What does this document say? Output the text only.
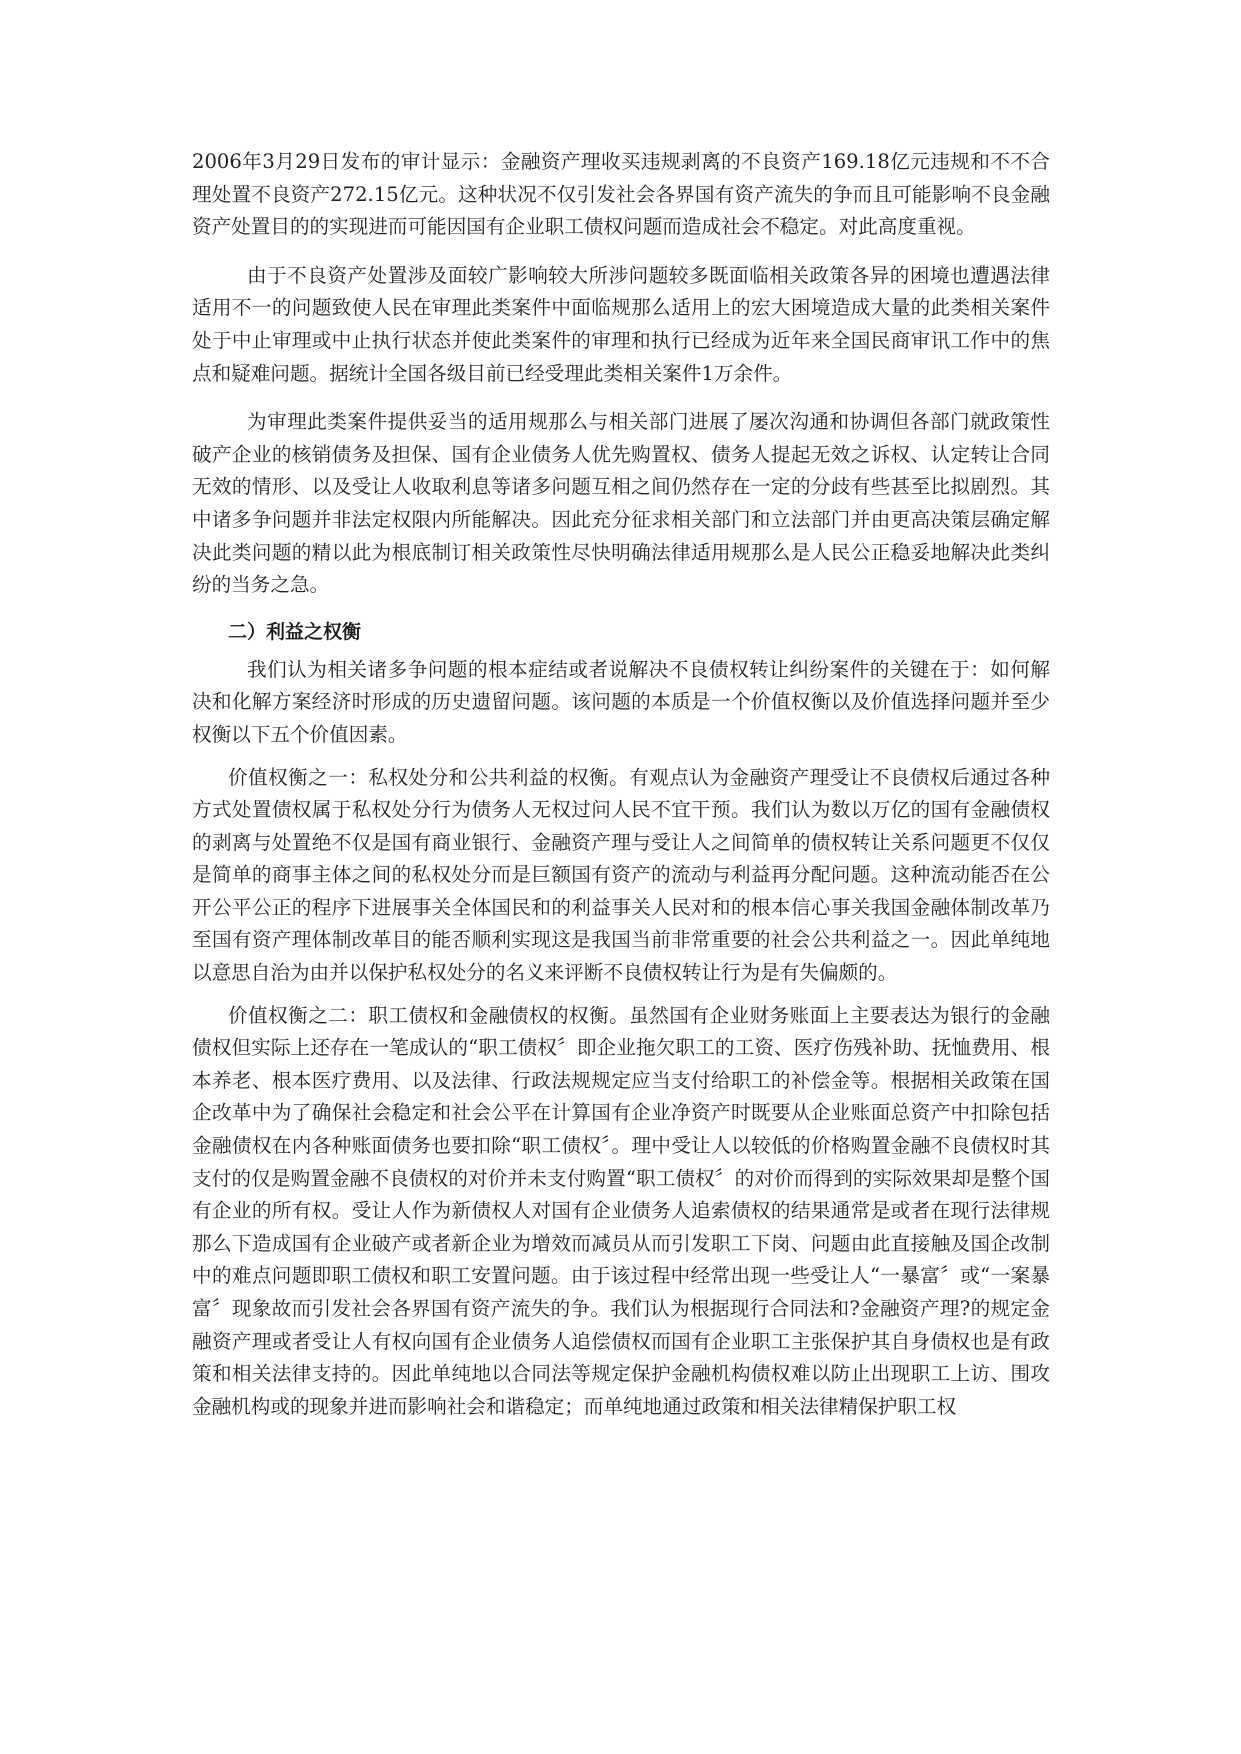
2006年3月29日发布的审计显示：金融资产理收买违规剥离的不良资产169.18亿元违规和不不合理处置不良资产272.15亿元。这种状况不仅引发社会各界国有资产流失的争而且可能影响不良金融资产处置目的的实现进而可能因国有企业职工债权问题而造成社会不稳定。对此高度重视。

由于不良资产处置涉及面较广影响较大所涉问题较多既面临相关政策各异的困境也遭遇法律适用不一的问题致使人民在审理此类案件中面临规那么适用上的宏大困境造成大量的此类相关案件处于中止审理或中止执行状态并使此类案件的审理和执行已经成为近年来全国民商审讯工作中的焦点和疑难问题。据统计全国各级目前已经受理此类相关案件1万余件。

为审理此类案件提供妥当的适用规那么与相关部门进展了屡次沟通和协调但各部门就政策性破产企业的核销债务及担保、国有企业债务人优先购置权、债务人提起无效之诉权、认定转让合同无效的情形、以及受让人收取利息等诸多问题互相之间仍然存在一定的分歧有些甚至比拟剧烈。其中诸多争问题并非法定权限内所能解决。因此充分征求相关部门和立法部门并由更高决策层确定解决此类问题的精以此为根底制订相关政策性尽快明确法律适用规那么是人民公正稳妥地解决此类纠纷的当务之急。

二）利益之权衡

我们认为相关诸多争问题的根本症结或者说解决不良债权转让纠纷案件的关键在于：如何解决和化解方案经济时形成的历史遗留问题。该问题的本质是一个价值权衡以及价值选择问题并至少权衡以下五个价值因素。

价值权衡之一：私权处分和公共利益的权衡。有观点认为金融资产理受让不良债权后通过各种方式处置债权属于私权处分行为债务人无权过问人民不宜干预。我们认为数以万亿的国有金融债权的剥离与处置绝不仅是国有商业银行、金融资产理与受让人之间简单的债权转让关系问题更不仅仅是简单的商事主体之间的私权处分而是巨额国有资产的流动与利益再分配问题。这种流动能否在公开公平公正的程序下进展事关全体国民和的利益事关人民对和的根本信心事关我国金融体制改革乃至国有资产理体制改革目的能否顺利实现这是我国当前非常重要的社会公共利益之一。因此单纯地以意思自治为由并以保护私权处分的名义来评断不良债权转让行为是有失偏颇的。

价值权衡之二：职工债权和金融债权的权衡。虽然国有企业财务账面上主要表达为银行的金融债权但实际上还存在一笔成认的“职工债权〞即企业拖欠职工的工资、医疗伤残补助、抚恤费用、根本养老、根本医疗费用、以及法律、行政法规规定应当支付给职工的补偿金等。根据相关政策在国企改革中为了确保社会稳定和社会公平在计算国有企业净资产时既要从企业账面总资产中扣除包括金融债权在内各种账面债务也要扣除“职工债权〞。理中受让人以较低的价格购置金融不良债权时其支付的仅是购置金融不良债权的对价并未支付购置“职工债权〞的对价而得到的实际效果却是整个国有企业的所有权。受让人作为新债权人对国有企业债务人追索债权的结果通常是或者在现行法律规那么下造成国有企业破产或者新企业为增效而减员从而引发职工下岗、问题由此直接触及国企改制中的难点问题即职工债权和职工安置问题。由于该过程中经常出现一些受让人“一暴富〞或“一案暴富〞现象故而引发社会各界国有资产流失的争。我们认为根据现行合同法和?金融资产理?的规定金融资产理或者受让人有权向国有企业债务人追偿债权而国有企业职工主张保护其自身债权也是有政策和相关法律支持的。因此单纯地以合同法等规定保护金融机构债权难以防止出现职工上访、围攻金融机构或的现象并进而影响社会和谐稳定；而单纯地通过政策和相关法律精保护职工权
